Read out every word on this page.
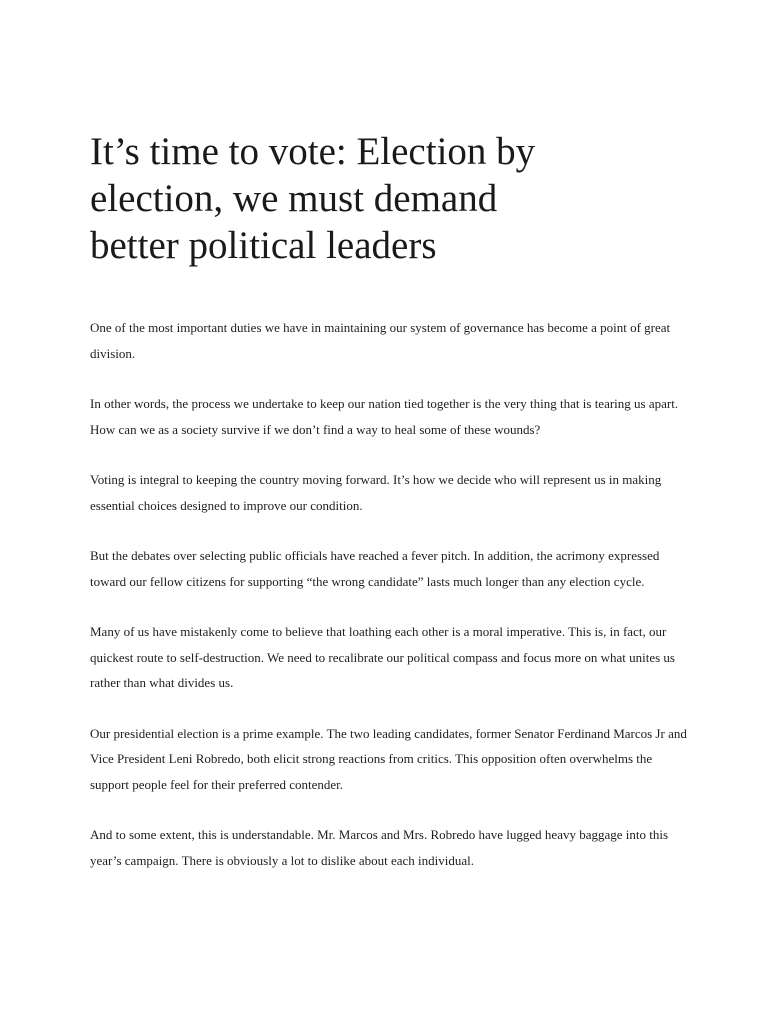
It’s time to vote: Election by election, we must demand better political leaders

One of the most important duties we have in maintaining our system of governance has become a point of great division.

In other words, the process we undertake to keep our nation tied together is the very thing that is tearing us apart. How can we as a society survive if we don’t find a way to heal some of these wounds?

Voting is integral to keeping the country moving forward. It’s how we decide who will represent us in making essential choices designed to improve our condition.

But the debates over selecting public officials have reached a fever pitch. In addition, the acrimony expressed toward our fellow citizens for supporting “the wrong candidate” lasts much longer than any election cycle.

Many of us have mistakenly come to believe that loathing each other is a moral imperative. This is, in fact, our quickest route to self-destruction. We need to recalibrate our political compass and focus more on what unites us rather than what divides us.

Our presidential election is a prime example. The two leading candidates, former Senator Ferdinand Marcos Jr and  Vice President Leni Robredo, both elicit strong reactions from critics. This opposition often overwhelms the support people feel for their preferred contender.

And to some extent, this is understandable. Mr. Marcos and Mrs. Robredo have lugged heavy baggage into this year’s campaign. There is obviously a lot to dislike about each individual.
